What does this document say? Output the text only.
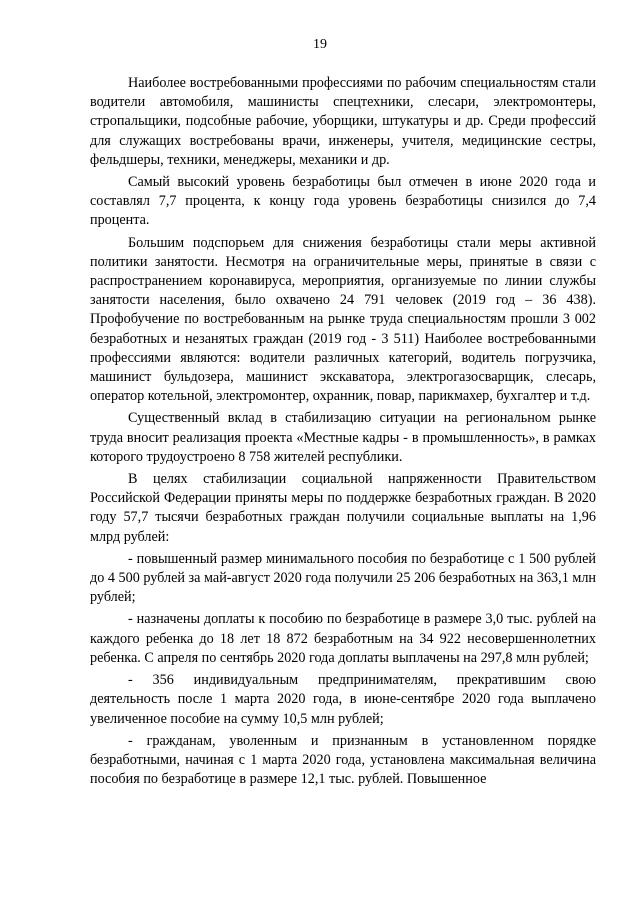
19

Наиболее востребованными профессиями по рабочим специальностям стали водители автомобиля, машинисты спецтехники, слесари, электромонтеры, стропальщики, подсобные рабочие, уборщики, штукатуры и др. Среди профессий для служащих востребованы врачи, инженеры, учителя, медицинские сестры, фельдшеры, техники, менеджеры, механики и др.

Самый высокий уровень безработицы был отмечен в июне 2020 года и составлял 7,7 процента, к концу года уровень безработицы снизился до 7,4 процента.

Большим подспорьем для снижения безработицы стали меры активной политики занятости. Несмотря на ограничительные меры, принятые в связи с распространением коронавируса, мероприятия, организуемые по линии службы занятости населения, было охвачено 24 791 человек (2019 год – 36 438). Профобучение по востребованным на рынке труда специальностям прошли 3 002 безработных и незанятых граждан (2019 год - 3 511) Наиболее востребованными профессиями являются: водители различных категорий, водитель погрузчика, машинист бульдозера, машинист экскаватора, электрогазосварщик, слесарь, оператор котельной, электромонтер, охранник, повар, парикмахер, бухгалтер и т.д.

Существенный вклад в стабилизацию ситуации на региональном рынке труда вносит реализация проекта «Местные кадры - в промышленность», в рамках которого трудоустроено 8 758 жителей республики.

В целях стабилизации социальной напряженности Правительством Российской Федерации приняты меры по поддержке безработных граждан. В 2020 году 57,7 тысячи безработных граждан получили социальные выплаты на 1,96 млрд рублей:

- повышенный размер минимального пособия по безработице с 1 500 рублей до 4 500 рублей за май-август 2020 года получили 25 206 безработных на 363,1 млн рублей;

- назначены доплаты к пособию по безработице в размере 3,0 тыс. рублей на каждого ребенка до 18 лет 18 872 безработным на 34 922 несовершеннолетних ребенка. С апреля по сентябрь 2020 года доплаты выплачены на 297,8 млн рублей;

- 356 индивидуальным предпринимателям, прекратившим свою деятельность после 1 марта 2020 года, в июне-сентябре 2020 года выплачено увеличенное пособие на сумму 10,5 млн рублей;

- гражданам, уволенным и признанным в установленном порядке безработными, начиная с 1 марта 2020 года, установлена максимальная величина пособия по безработице в размере 12,1 тыс. рублей. Повышенное
